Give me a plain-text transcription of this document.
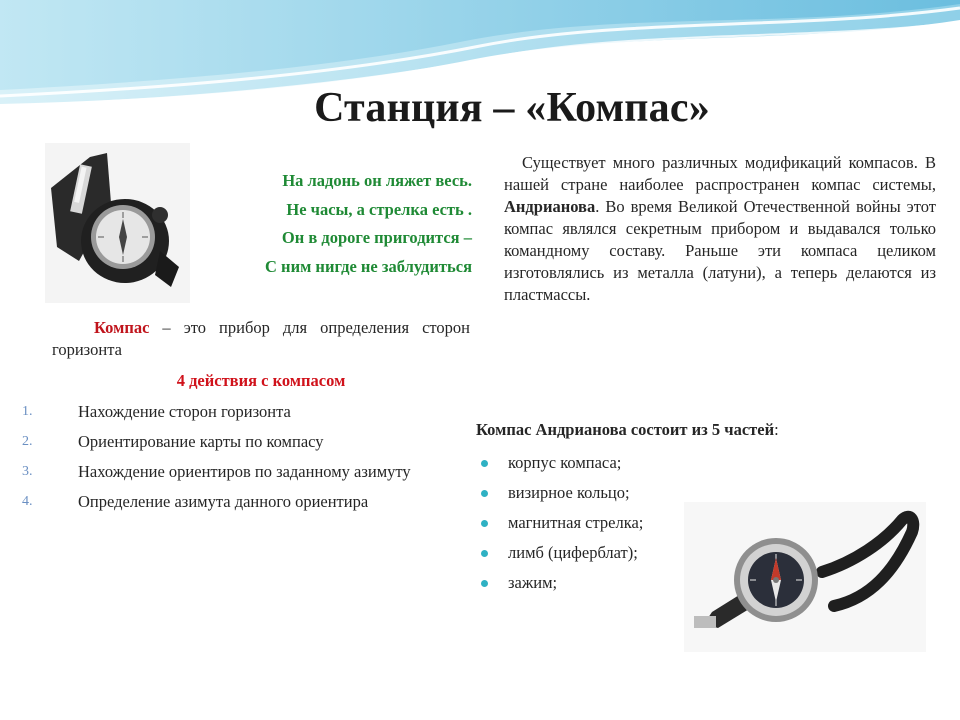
Станция – «Компас»
На ладонь он ляжет весь.
Не часы, а стрелка есть .
Он в дороге пригодится –
С ним нигде не заблудиться
Компас – это прибор для определения сторон горизонта
4 действия с компасом
1.	Нахождение сторон горизонта
2.	Ориентирование карты по компасу
3.	Нахождение ориентиров по заданному азимуту
4.	Определение азимута данного ориентира
Существует много различных модификаций компасов. В нашей стране наиболее распространен компас системы, Андрианова. Во время Великой Отечественной войны этот компас являлся секретным прибором и выдавался только командному составу. Раньше эти компаса целиком изготовлялись из металла (латуни), а теперь делаются из пластмассы.
Компас Андрианова состоит из 5 частей:
корпус компаса;
визирное кольцо;
магнитная стрелка;
лимб (циферблат);
зажим;
